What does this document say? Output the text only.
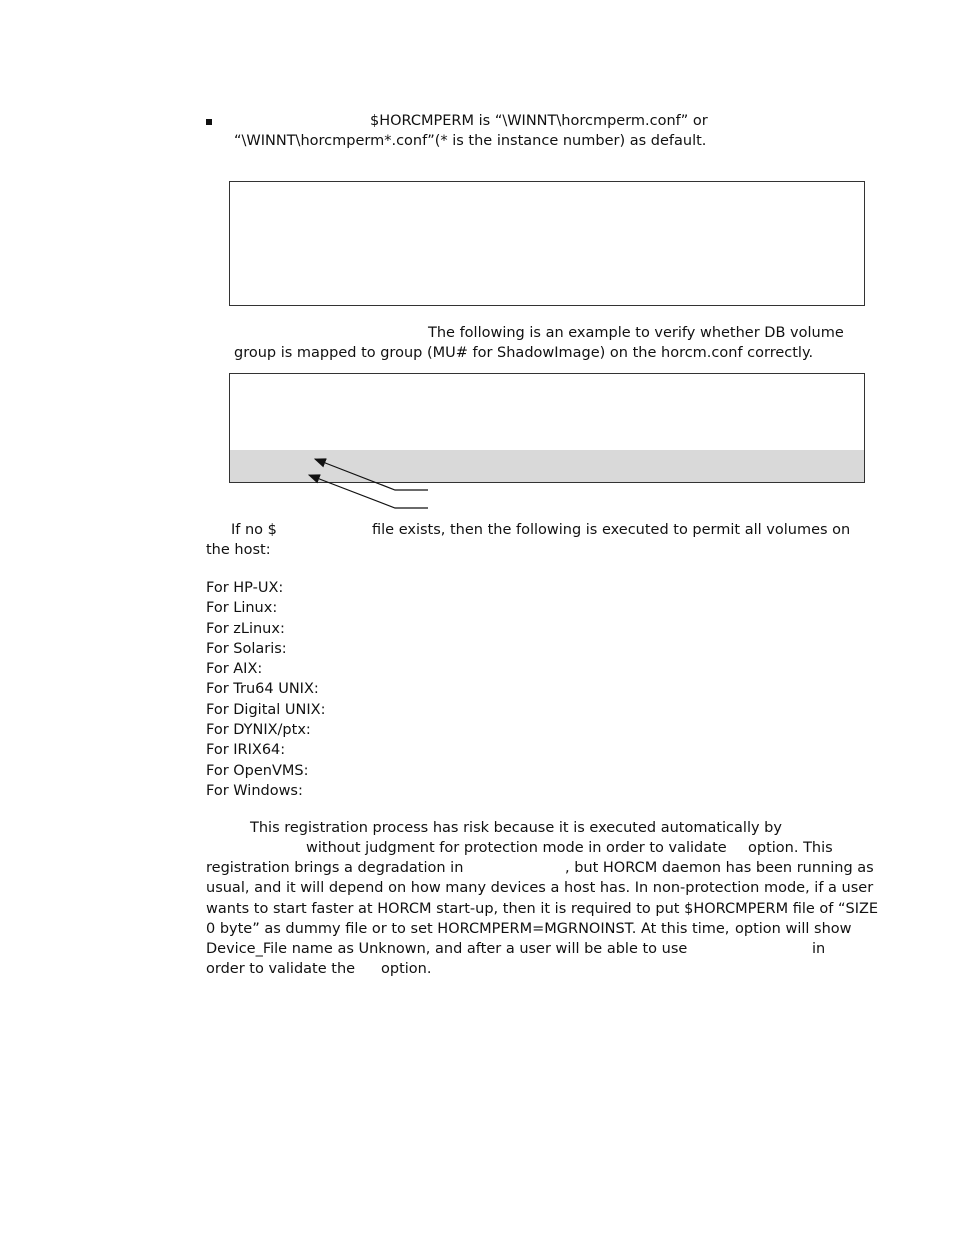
$HORCMPERM is “\WINNT\horcmperm.conf” or
“\WINNT\horcmperm*.conf”(* is the instance number) as default.
The following is an example to verify whether DB volume
group is mapped to group (MU# for ShadowImage) on the horcm.conf correctly.
If no $	file exists, then the following is executed to permit all volumes on
the host:
For HP-UX:
For Linux:
For zLinux:
For Solaris:
For AIX:
For Tru64 UNIX:
For Digital UNIX:
For DYNIX/ptx:
For IRIX64:
For OpenVMS:
For Windows:
This registration process has risk because it is executed automatically by
without judgment for protection mode in order to validate option. This
registration brings a degradation in	, but HORCM daemon has been running as
usual, and it will depend on how many devices a host has. In non-protection mode, if a user
wants to start faster at HORCM start-up, then it is required to put $HORCMPERM file of “SIZE
0 byte” as dummy file or to set HORCMPERM=MGRNOINST. At this time, option will show
Device_File name as Unknown, and after a user will be able to use	in
order to validate the option.
